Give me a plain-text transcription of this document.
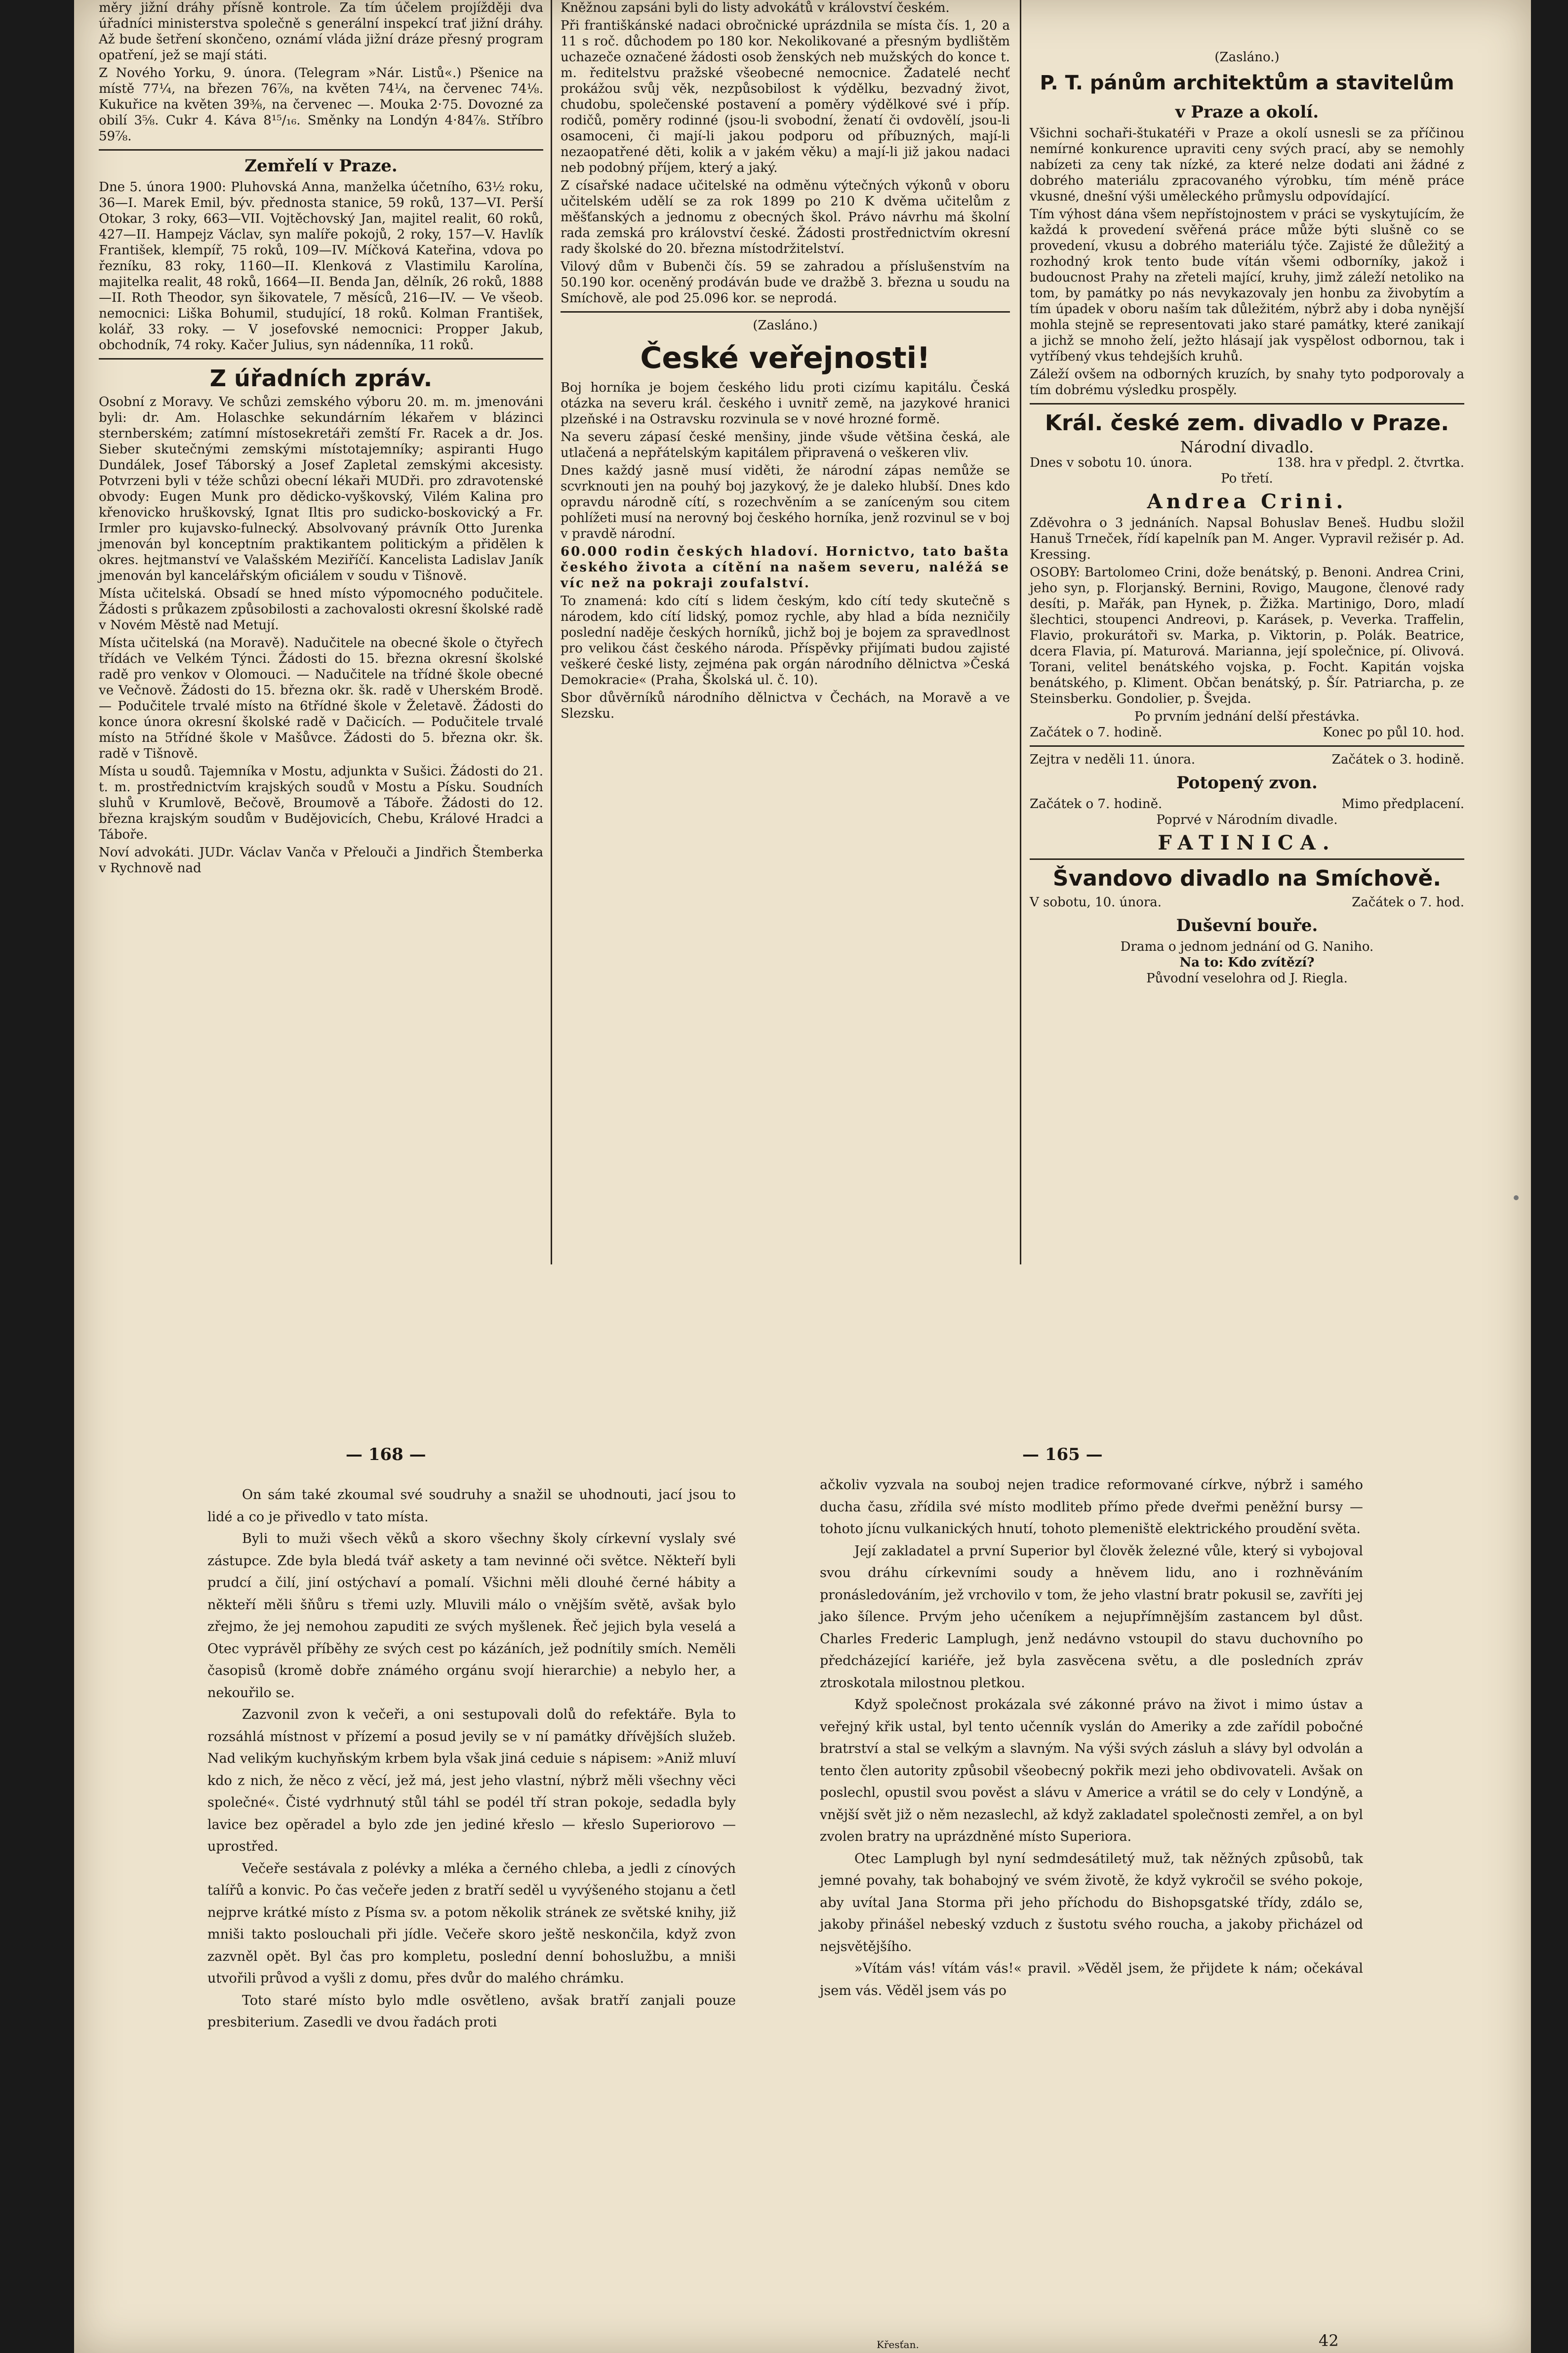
měry jižní dráhy přísně kontrole. Za tím účelem projížději dva úřadníci ministerstva společně s generální inspekcí trať jižní dráhy. Až bude šetření skončeno, oznámí vláda jižní dráze přesný program opatření, jež se mají státi.

Z Nového Yorku, 9. února. (Telegram »Nár. Listů«.) Pšenice na místě 77¼, na březen 76⅞, na květen 74¼, na červenec 74⅛. Kukuřice na květen 39⅜, na červenec —. Mouka 2·75. Dovozné za obilí 3⅝. Cukr 4. Káva 8¹⁵/₁₆. Směnky na Londýn 4·84⅞. Stříbro 59⅞.

Zemřelí v Praze.

Dne 5. února 1900: Pluhovská Anna, manželka účetního, 63½ roku, 36—I. Marek Emil, býv. přednosta stanice, 59 roků, 137—VI. Perší Otokar, 3 roky, 663—VII. Vojtěchovský Jan, majitel realit, 60 roků, 427—II. Hampejz Václav, syn malíře pokojů, 2 roky, 157—V. Havlík František, klempíř, 75 roků, 109—IV. Míčková Kateřina, vdova po řezníku, 83 roky, 1160—II. Klenková z Vlastimilu Karolína, majitelka realit, 48 roků, 1664—II. Benda Jan, dělník, 26 roků, 1888—II. Roth Theodor, syn šikovatele, 7 měsíců, 216—IV. — Ve všeob. nemocnici: Liška Bohumil, studující, 18 roků. Kolman František, kolář, 33 roky. — V josefovské nemocnici: Propper Jakub, obchodník, 74 roky. Kačer Julius, syn nádenníka, 11 roků.

Z úřadních zpráv.

Osobní z Moravy. Ve schůzi zemského výboru 20. m. m. jmenováni byli: dr. Am. Holaschke sekundárním lékařem v blázinci sternberském; zatímní místosekretáři zemští Fr. Racek a dr. Jos. Sieber skutečnými zemskými místotajemníky; aspiranti Hugo Dundálek, Josef Táborský a Josef Zapletal zemskými akcesisty. Potvrzeni byli v téže schůzi obecní lékaři MUDři. pro zdravotenské obvody: Eugen Munk pro dědicko-vyškovský, Vilém Kalina pro křenovicko hruškovský, Ignat Iltis pro sudicko-boskovický a Fr. Irmler pro kujavsko-fulnecký. Absolvovaný právník Otto Jurenka jmenován byl konceptním praktikantem politickým a přidělen k okres. hejtmanství ve Valašském Meziříčí. Kancelista Ladislav Janík jmenován byl kancelářským oficiálem v soudu v Tišnově.

Místa učitelská. Obsadí se hned místo výpomocného podučitele. Žádosti s průkazem způsobilosti a zachovalosti okresní školské radě v Novém Městě nad Metují.

Místa učitelská (na Moravě). Nadučitele na obecné škole o čtyřech třídách ve Velkém Týnci. Žádosti do 15. března okresní školské radě pro venkov v Olomouci. — Nadučitele na třídné škole obecné ve Večnově. Žádosti do 15. března okr. šk. radě v Uherském Brodě. — Podučitele trvalé místo na 6třídné škole v Želetavě. Žádosti do konce února okresní školské radě v Dačicích. — Podučitele trvalé místo na 5třídné škole v Mašůvce. Žádosti do 5. března okr. šk. radě v Tišnově.

Místa u soudů. Tajemníka v Mostu, adjunkta v Sušici. Žádosti do 21. t. m. prostřednictvím krajských soudů v Mostu a Písku. Soudních sluhů v Krumlově, Bečově, Broumově a Táboře. Žádosti do 12. března krajským soudům v Budějovicích, Chebu, Králové Hradci a Táboře.

Noví advokáti. JUDr. Václav Vanča v Přelouči a Jindřich Štemberka v Rychnově nad

Kněžnou zapsáni byli do listy advokátů v království českém.

Při františkánské nadaci obročnické uprázdnila se místa čís. 1, 20 a 11 s roč. důchodem po 180 kor. Nekolikované a přesným bydlištěm uchazeče označené žádosti osob ženských neb mužských do konce t. m. ředitelstvu pražské všeobecné nemocnice. Žadatelé nechť prokážou svůj věk, nezpůsobilost k výdělku, bezvadný život, chudobu, společenské postavení a poměry výdělkové své i příp. rodičů, poměry rodinné (jsou-li svobodní, ženatí či ovdovělí, jsou-li osamoceni, či mají-li jakou podporu od příbuzných, mají-li nezaopatřené děti, kolik a v jakém věku) a mají-li již jakou nadaci neb podobný příjem, který a jaký.

Z císařské nadace učitelské na odměnu výtečných výkonů v oboru učitelském udělí se za rok 1899 po 210 K dvěma učitelům z měšťanských a jednomu z obecných škol. Právo návrhu má školní rada zemská pro království české. Žádosti prostřednictvím okresní rady školské do 20. března místodržitelství.

Vilový dům v Bubenči čís. 59 se zahradou a příslušenstvím na 50.190 kor. oceněný prodáván bude ve dražbě 3. března u soudu na Smíchově, ale pod 25.096 kor. se neprodá.

(Zasláno.)
České veřejnosti!

Boj horníka je bojem českého lidu proti cizímu kapitálu. Česká otázka na severu král. českého i uvnitř země, na jazykové hranici plzeňské i na Ostravsku rozvinula se v nové hrozné formě.

Na severu zápasí české menšiny, jinde všude většina česká, ale utlačená a nepřátelským kapitálem připravená o veškeren vliv.

Dnes každý jasně musí viděti, že národní zápas nemůže se scvrknouti jen na pouhý boj jazykový, že je daleko hlubší. Dnes kdo opravdu národně cítí, s rozechvěním a se zaníceným sou citem pohlížeti musí na nerovný boj českého horníka, jenž rozvinul se v boj v pravdě národní.

60.000 rodin českých hladoví. Hornictvo, tato bašta českého života a cítění na našem severu, naléžá se víc než na pokraji zoufalství.

To znamená: kdo cítí s lidem českým, kdo cítí tedy skutečně s národem, kdo cítí lidský, pomoz rychle, aby hlad a bída nezničily poslední naděje českých horníků, jichž boj je bojem za spravedlnost pro velikou část českého národa. Příspěvky přijímati budou zajisté veškeré české listy, zejména pak orgán národního dělnictva »Česká Demokracie« (Praha, Školská ul. č. 10).

Sbor důvěrníků národního dělnictva v Čechách, na Moravě a ve Slezsku.

(Zasláno.)
P. T. pánům architektům a stavitelům
v Praze a okolí.

Všichni sochaři-štukatéři v Praze a okolí usnesli se za příčinou nemírné konkurence upraviti ceny svých prací, aby se nemohly nabízeti za ceny tak nízké, za které nelze dodati ani žádné z dobrého materiálu zpracovaného výrobku, tím méně práce vkusné, dnešní výši uměleckého průmyslu odpovídající.

Tím výhost dána všem nepřístojnostem v práci se vyskytujícím, že každá k provedení svěřená práce může býti slušně co se provedení, vkusu a dobrého materiálu týče. Zajisté že důležitý a rozhodný krok tento bude vítán všemi odborníky, jakož i budoucnost Prahy na zřeteli mající, kruhy, jimž záleží netoliko na tom, by památky po nás nevykazovaly jen honbu za živobytím a tím úpadek v oboru naším tak důležitém, nýbrž aby i doba nynější mohla stejně se representovati jako staré památky, které zanikají a jichž se mnoho želí, ježto hlásají jak vyspělost odbornou, tak i vytříbený vkus tehdejších kruhů.

Záleží ovšem na odborných kruzích, by snahy tyto podporovaly a tím dobrému výsledku prospěly.

Král. české zem. divadlo v Praze.
Národní divadlo.
Dnes v sobotu 10. února.	138. hra v předpl. 2. čtvrtka.
Po třetí.
Andrea Crini.

Zděvohra o 3 jednáních. Napsal Bohuslav Beneš. Hudbu složil Hanuš Trneček, řídí kapelník pan M. Anger. Vypravil režisér p. Ad. Kressing.

OSOBY: Bartolomeo Crini, dože benátský, p. Benoni. Andrea Crini, jeho syn, p. Florjanský. Bernini, Rovigo, Maugone, členové rady desíti, p. Mařák, pan Hynek, p. Žižka. Martinigo, Doro, mladí šlechtici, stoupenci Andreovi, p. Karásek, p. Veverka. Traffelin, Flavio, prokurátoři sv. Marka, p. Viktorin, p. Polák. Beatrice, dcera Flavia, pí. Maturová. Marianna, její společnice, pí. Olivová. Torani, velitel benátského vojska, p. Focht. Kapitán vojska benátského, p. Kliment. Občan benátský, p. Šír. Patriarcha, p. ze Steinsberku. Gondolier, p. Švejda.

Po prvním jednání delší přestávka.
Začátek o 7. hodině.	Konec po půl 10. hod.
Zejtra v neděli 11. února.	Začátek o 3. hodině.
Potopený zvon.
Začátek o 7. hodině.	Mimo předplacení.
Poprvé v Národním divadle.
FATINICA.
Švandovo divadlo na Smíchově.
V sobotu, 10. února.	Začátek o 7. hod.
Duševní bouře.
Drama o jednom jednání od G. Naniho.
Na to: Kdo zvítězí?
Původní veselohra od J. Riegla.
— 168 —	— 165 —

On sám také zkoumal své soudruhy a snažil se uhodnouti, jací jsou to lidé a co je přivedlo v tato místa.

Byli to muži všech věků a skoro všechny školy církevní vyslaly své zástupce. Zde byla bledá tvář askety a tam nevinné oči světce. Někteří byli prudcí a čilí, jiní ostýchaví a pomalí. Všichni měli dlouhé černé hábity a někteří měli šňůru s třemi uzly. Mluvili málo o vnějším světě, avšak bylo zřejmo, že jej nemohou zapuditi ze svých myšlenek. Řeč jejich byla veselá a Otec vyprávěl příběhy ze svých cest po kázáních, jež podnítily smích. Neměli časopisů (kromě dobře známého orgánu svojí hierarchie) a nebylo her, a nekouřilo se.

Zazvonil zvon k večeři, a oni sestupovali dolů do refektáře. Byla to rozsáhlá místnost v přízemí a posud jevily se v ní památky dřívějších služeb. Nad velikým kuchyňským krbem byla však jiná ceduie s nápisem: »Aniž mluví kdo z nich, že něco z věcí, jež má, jest jeho vlastní, nýbrž měli všechny věci společné«. Čisté vydrhnutý stůl táhl se podél tří stran pokoje, sedadla byly lavice bez opěradel a bylo zde jen jediné křeslo — křeslo Superiorovo — uprostřed.

Večeře sestávala z polévky a mléka a černého chleba, a jedli z cínových talířů a konvic. Po čas večeře jeden z bratří seděl u vyvýšeného stojanu a četl nejprve krátké místo z Písma sv. a potom několik stránek ze světské knihy, již mniši takto poslouchali při jídle. Večeře skoro ještě neskončila, když zvon zazvněl opět. Byl čas pro kompletu, poslední denní bohoslužbu, a mniši utvořili průvod a vyšli z domu, přes dvůr do malého chrámku.

Toto staré místo bylo mdle osvětleno, avšak bratří zanjali pouze presbiterium. Zasedli ve dvou řadách proti

ačkoliv vyzvala na souboj nejen tradice reformované církve, nýbrž i samého ducha času, zřídila své místo modliteb přímo přede dveřmi peněžní bursy — tohoto jícnu vulkanických hnutí, tohoto plemeniště elektrického proudění světa.

Její zakladatel a první Superior byl člověk železné vůle, který si vybojoval svou dráhu církevními soudy a hněvem lidu, ano i rozhněváním pronásledováním, jež vrchovilo v tom, že jeho vlastní bratr pokusil se, zavříti jej jako šílence. Prvým jeho učeníkem a nejupřímnějším zastancem byl důst. Charles Frederic Lamplugh, jenž nedávno vstoupil do stavu duchovního po předcházející kariéře, jež byla zasvěcena světu, a dle posledních zpráv ztroskotala milostnou pletkou.

Když společnost prokázala své zákonné právo na život i mimo ústav a veřejný křik ustal, byl tento učenník vyslán do Ameriky a zde zařídil pobočné bratrství a stal se velkým a slavným. Na výši svých zásluh a slávy byl odvolán a tento člen autority způsobil všeobecný pokřik mezi jeho obdivovateli. Avšak on poslechl, opustil svou pověst a slávu v Americe a vrátil se do cely v Londýně, a vnější svět již o něm nezaslechl, až když zakladatel společnosti zemřel, a on byl zvolen bratry na uprázdněné místo Superiora.

Otec Lamplugh byl nyní sedmdesátiletý muž, tak něžných způsobů, tak jemné povahy, tak bohabojný ve svém životě, že když vykročil se svého pokoje, aby uvítal Jana Storma při jeho příchodu do Bishopsgatské třídy, zdálo se, jakoby přinášel nebeský vzduch z šustotu svého roucha, a jakoby přicházel od nejsvětějšího.

»Vítám vás! vítám vás!« pravil. »Věděl jsem, že přijdete k nám; očekával jsem vás. Věděl jsem vás po

Křesťan.	42
